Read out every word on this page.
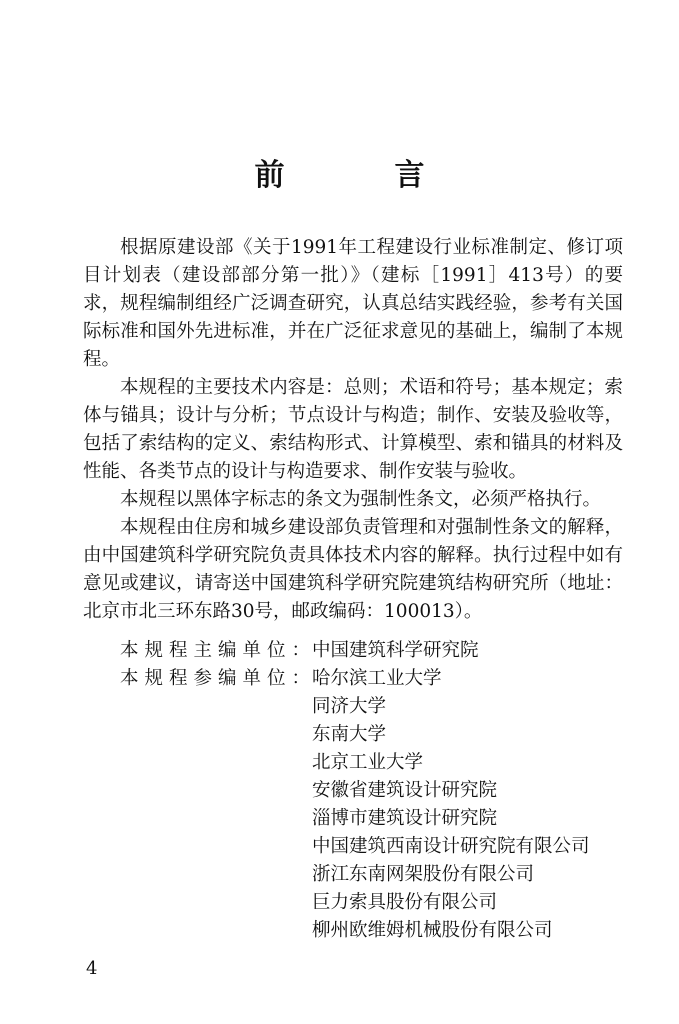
前　言

根据原建设部《关于1991年工程建设行业标准制定、修订项目计划表（建设部部分第一批）》（建标［1991］413号）的要求，规程编制组经广泛调查研究，认真总结实践经验，参考有关国际标准和国外先进标准，并在广泛征求意见的基础上，编制了本规程。

本规程的主要技术内容是：总则；术语和符号；基本规定；索体与锚具；设计与分析；节点设计与构造；制作、安装及验收等，包括了索结构的定义、索结构形式、计算模型、索和锚具的材料及性能、各类节点的设计与构造要求、制作安装与验收。

本规程以黑体字标志的条文为强制性条文，必须严格执行。

本规程由住房和城乡建设部负责管理和对强制性条文的解释，由中国建筑科学研究院负责具体技术内容的解释。执行过程中如有意见或建议，请寄送中国建筑科学研究院建筑结构研究所（地址：北京市北三环东路30号，邮政编码：100013）。

本规程主编单位：
中国建筑科学研究院
本规程参编单位：
哈尔滨工业大学
同济大学
东南大学
北京工业大学
安徽省建筑设计研究院
淄博市建筑设计研究院
中国建筑西南设计研究院有限公司
浙江东南网架股份有限公司
巨力索具股份有限公司
柳州欧维姆机械股份有限公司
4
